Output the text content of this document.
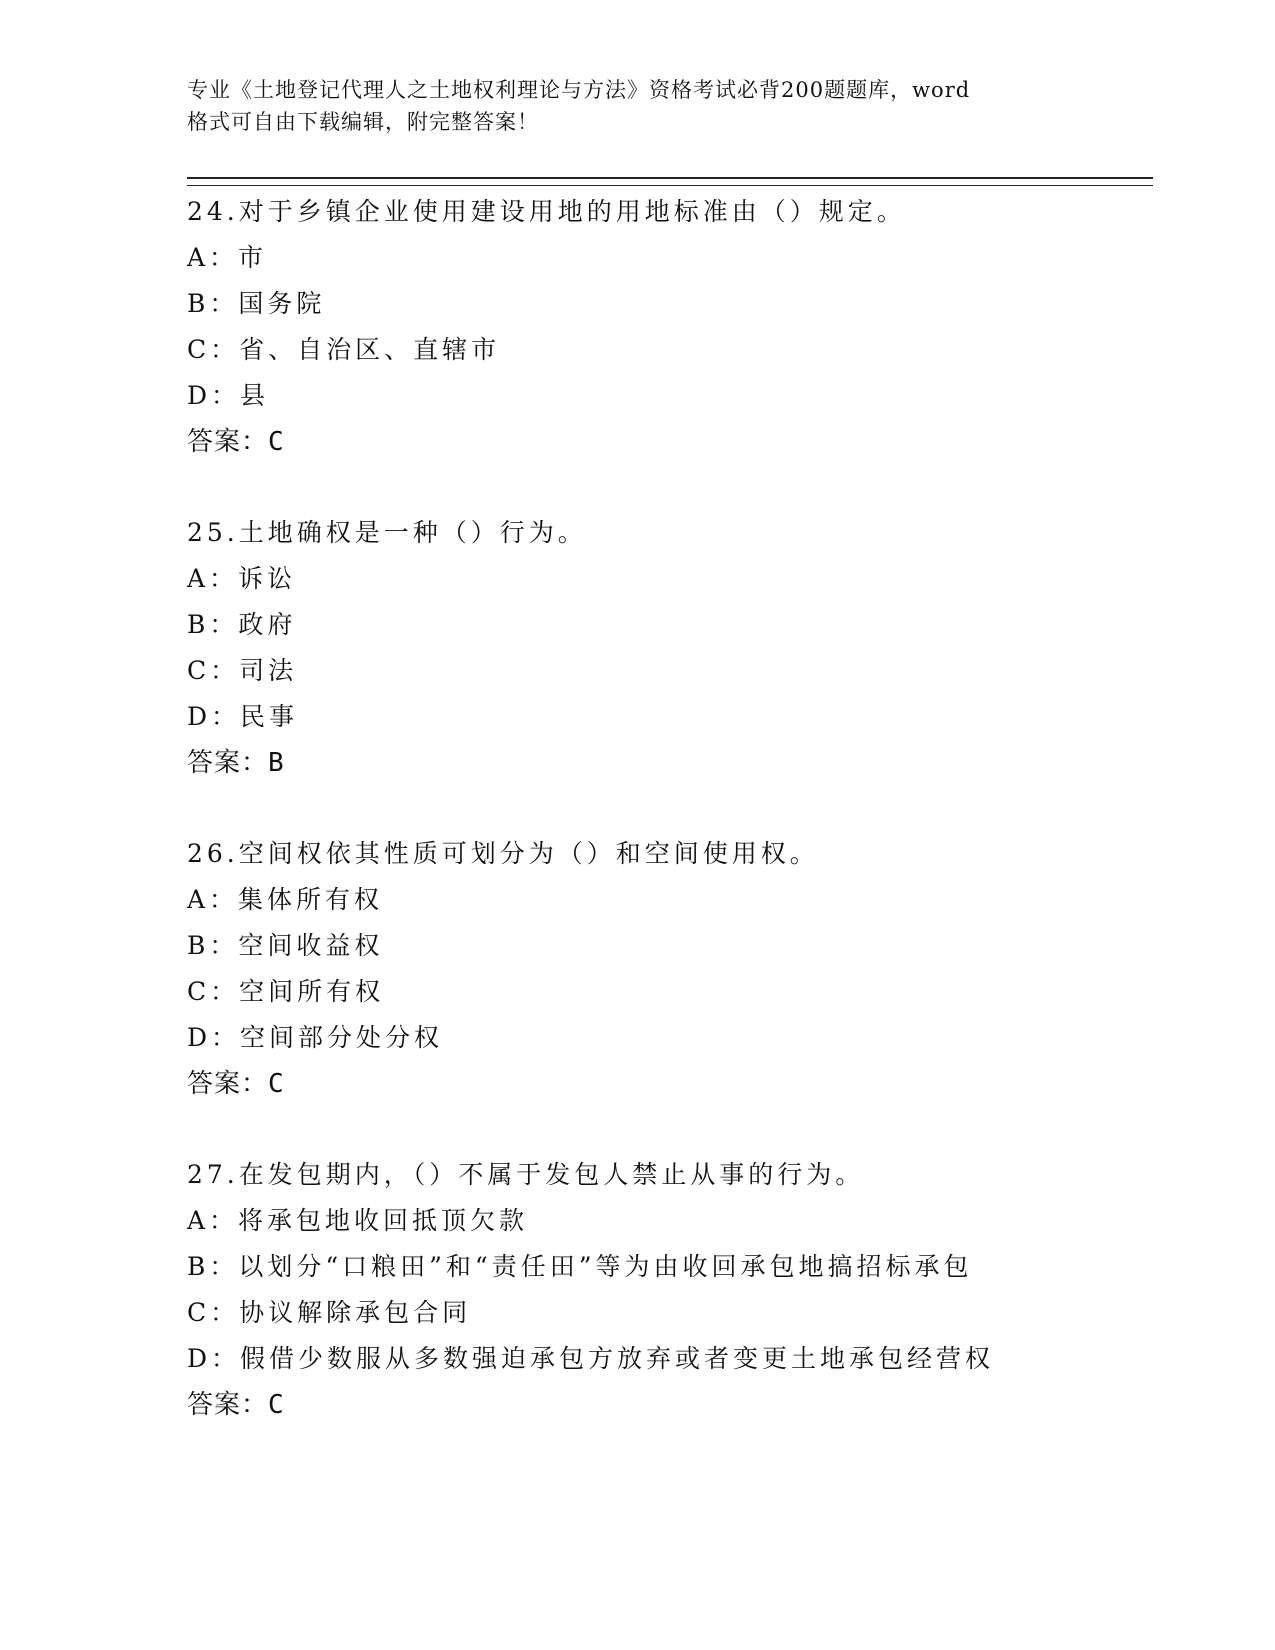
专业《土地登记代理人之土地权利理论与方法》资格考试必背200题题库，word
格式可自由下载编辑，附完整答案！
24.对于乡镇企业使用建设用地的用地标准由（）规定。
A：市
B：国务院
C：省、自治区、直辖市
D：县
答案：C
25.土地确权是一种（）行为。
A：诉讼
B：政府
C：司法
D：民事
答案：B
26.空间权依其性质可划分为（）和空间使用权。
A：集体所有权
B：空间收益权
C：空间所有权
D：空间部分处分权
答案：C
27.在发包期内，（）不属于发包人禁止从事的行为。
A：将承包地收回抵顶欠款
B：以划分“口粮田”和“责任田”等为由收回承包地搞招标承包
C：协议解除承包合同
D：假借少数服从多数强迫承包方放弃或者变更土地承包经营权
答案：C
